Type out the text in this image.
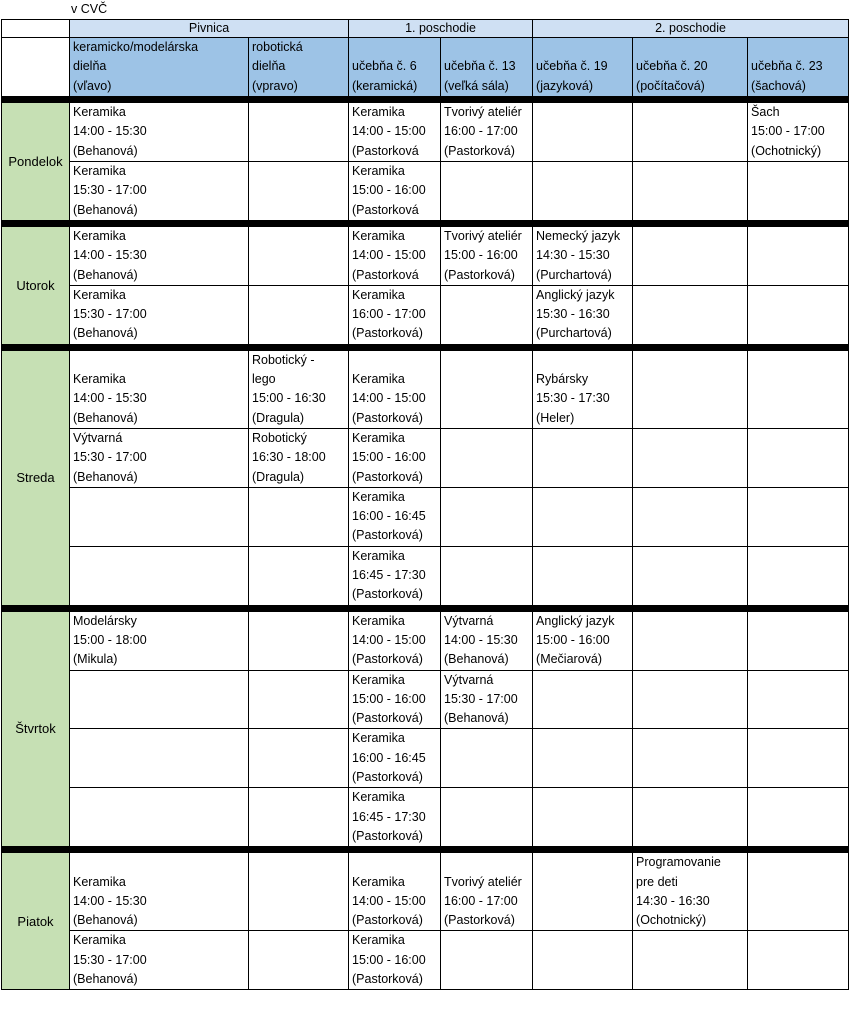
v CVČ
	Pivnica		1. poschodie		2. poschodie		

	keramicko/modelárska
dielňa
(vľavo)	robotická
dielňa
(vpravo)	učebňa č. 6
(keramická)	učebňa č. 13
(veľká sála)	učebňa č. 19
(jazyková)	učebňa č. 20
(počítačová)	učebňa č. 23
(šachová)

Pondelok	Keramika
14:00 - 15:30
(Behanová)		Keramika
14:00 - 15:00
(Pastorková	Tvorivý ateliér
16:00 - 17:00
(Pastorková)			Šach
15:00 - 17:00
(Ochotnický)

	Keramika
15:30 - 17:00
(Behanová)		Keramika
15:00 - 16:00
(Pastorková				

Utorok	Keramika
14:00 - 15:30
(Behanová)		Keramika
14:00 - 15:00
(Pastorková	Tvorivý ateliér
15:00 - 16:00
(Pastorková)	Nemecký jazyk
14:30 - 15:30
(Purchartová)		

	Keramika
15:30 - 17:00
(Behanová)		Keramika
16:00 - 17:00
(Pastorková)		Anglický jazyk
15:30 - 16:30
(Purchartová)		

Streda	Keramika
14:00 - 15:30
(Behanová)	Robotický -
lego
15:00 - 16:30
(Dragula)	Keramika
14:00 - 15:00
(Pastorková)		Rybársky
15:30 - 17:30
(Heler)		

	Výtvarná
15:30 - 17:00
(Behanová)	Robotický
16:30 - 18:00
(Dragula)	Keramika
15:00 - 16:00
(Pastorková)				

			Keramika
16:00 - 16:45
(Pastorková)				

			Keramika
16:45 - 17:30
(Pastorková)				

Štvrtok	Modelársky
15:00 - 18:00
(Mikula)		Keramika
14:00 - 15:00
(Pastorková)	Výtvarná
14:00 - 15:30
(Behanová)	Anglický jazyk
15:00 - 16:00
(Mečiarová)		

			Keramika
15:00 - 16:00
(Pastorková)	Výtvarná
15:30 - 17:00
(Behanová)			

			Keramika
16:00 - 16:45
(Pastorková)				

			Keramika
16:45 - 17:30
(Pastorková)				

Piatok	Keramika
14:00 - 15:30
(Behanová)		Keramika
14:00 - 15:00
(Pastorková)	Tvorivý ateliér
16:00 - 17:00
(Pastorková)		Programovanie
pre deti
14:30 - 16:30
(Ochotnický)	

	Keramika
15:30 - 17:00
(Behanová)		Keramika
15:00 - 16:00
(Pastorková)				
